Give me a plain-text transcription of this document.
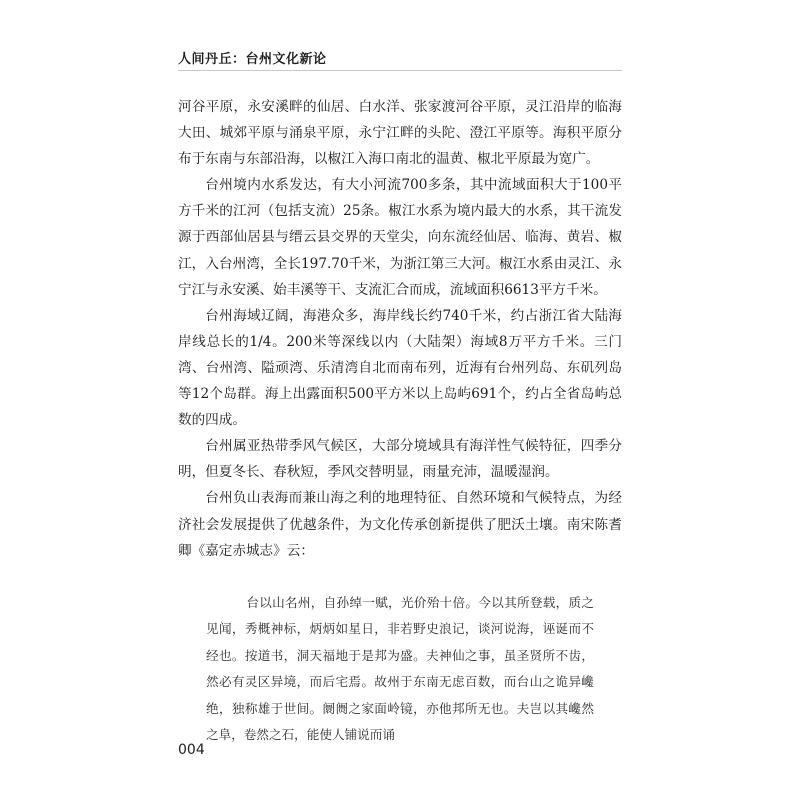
人间丹丘：台州文化新论

河谷平原，永安溪畔的仙居、白水洋、张家渡河谷平原，灵江沿岸的临海大田、城郊平原与涌泉平原，永宁江畔的头陀、澄江平原等。海积平原分布于东南与东部沿海，以椒江入海口南北的温黄、椒北平原最为宽广。

台州境内水系发达，有大小河流700多条，其中流域面积大于100平方千米的江河（包括支流）25条。椒江水系为境内最大的水系，其干流发源于西部仙居县与缙云县交界的天堂尖，向东流经仙居、临海、黄岩、椒江，入台州湾，全长197.70千米，为浙江第三大河。椒江水系由灵江、永宁江与永安溪、始丰溪等干、支流汇合而成，流域面积6613平方千米。

台州海域辽阔，海港众多，海岸线长约740千米，约占浙江省大陆海岸线总长的1/4。200米等深线以内（大陆架）海域8万平方千米。三门湾、台州湾、隘顽湾、乐清湾自北而南布列，近海有台州列岛、东矶列岛等12个岛群。海上出露面积500平方米以上岛屿691个，约占全省岛屿总数的四成。

台州属亚热带季风气候区，大部分境域具有海洋性气候特征，四季分明，但夏冬长、春秋短，季风交替明显，雨量充沛，温暖湿润。

台州负山表海而兼山海之利的地理特征、自然环境和气候特点，为经济社会发展提供了优越条件，为文化传承创新提供了肥沃土壤。南宋陈耆卿《嘉定赤城志》云：

台以山名州，自孙绰一赋，光价殆十倍。今以其所登载，质之见闻，秀概神标，炳炳如星日，非若野史浪记，谈河说海，诬诞而不经也。按道书，洞天福地于是邦为盛。夫神仙之事，虽圣贤所不齿，然必有灵区异境，而后宅焉。故州于东南无虑百数，而台山之诡异巉绝，独称雄于世间。阛阓之家面岭镜，亦他邦所无也。夫岂以其巉然之阜，卷然之石，能使人铺说而诵

004
